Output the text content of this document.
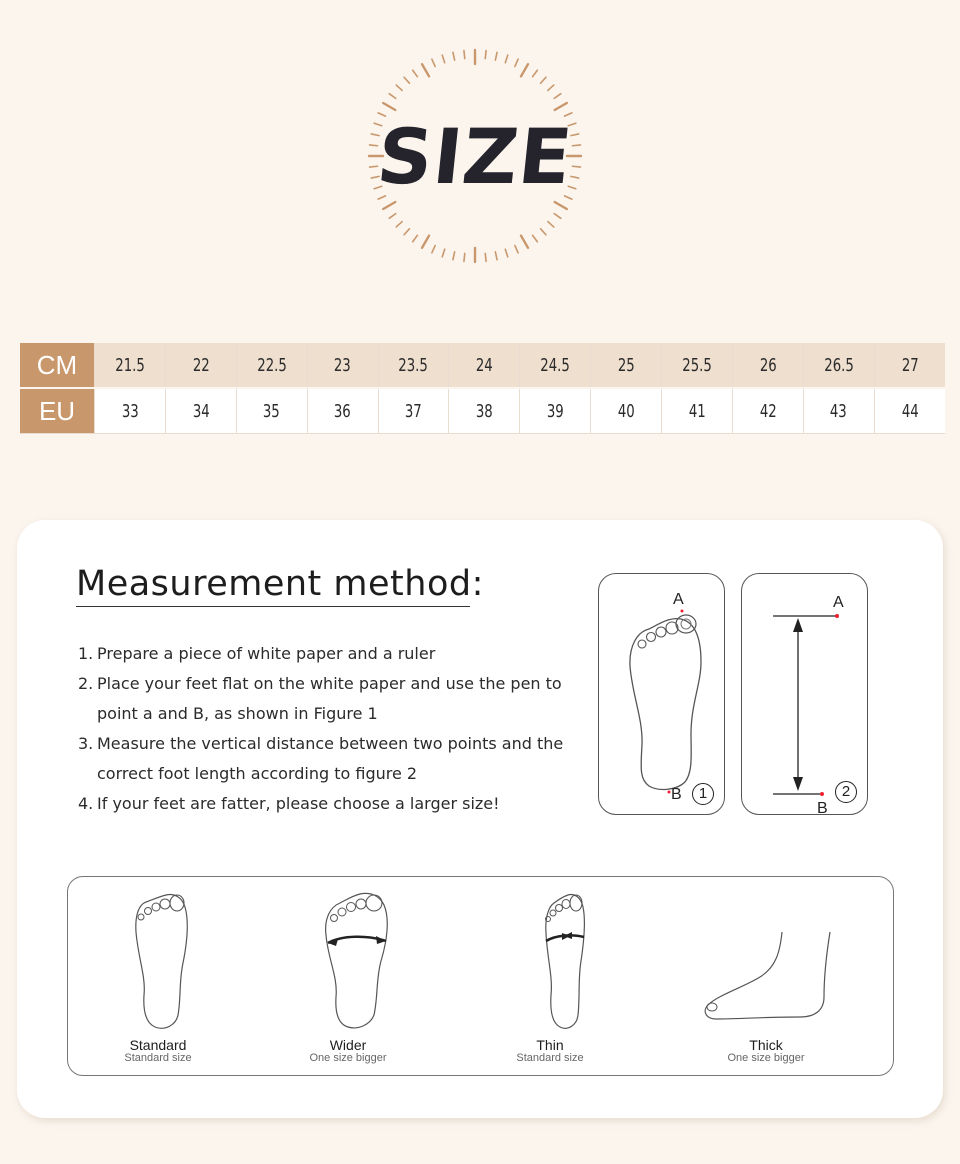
SIZE
CM	21.5	22	22.5	23	23.5	24	24.5	25	25.5	26	26.5	27
EU	33	34	35	36	37	38	39	40	41	42	43	44
Measurement method:
1. Prepare a piece of white paper and a ruler
2. Place your feet flat on the white paper and use the pen to
point a and B, as shown in Figure 1
3. Measure the vertical distance between two points and the
correct foot length according to figure 2
4. If your feet are fatter, please choose a larger size!
A
B	1
A
B
2
Standard
Standard size
Wider
One size bigger
Thin
Standard size
Thick
One size bigger
